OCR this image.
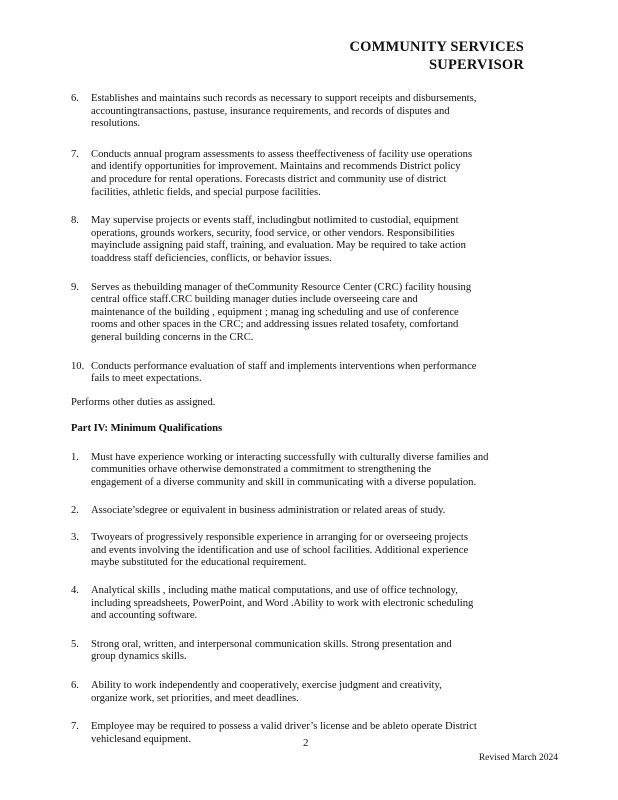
COMMUNITY SERVICES
SUPERVISOR
6. Establishes and maintains such records as necessary to support receipts and disbursements,
accountingtransactions, pastuse, insurance requirements, and records of disputes and
resolutions.
7. Conducts annual program assessments to assess theeffectiveness of facility use operations
and identify opportunities for improvement. Maintains and recommends District policy
and procedure for rental operations. Forecasts district and community use of district
facilities, athletic fields, and special purpose facilities.
8. May supervise projects or events staff, includingbut notlimited to custodial, equipment
operations, grounds workers, security, food service, or other vendors. Responsibilities
mayinclude assigning paid staff, training, and evaluation. May be required to take action
toaddress staff deficiencies, conflicts, or behavior issues.
9. Serves as thebuilding manager of theCommunity Resource Center (CRC) facility housing
central office staff.CRC building manager duties include overseeing care and
maintenance of the building , equipment ; manag ing scheduling and use of conference
rooms and other spaces in the CRC; and addressing issues related tosafety, comfortand
general building concerns in the CRC.
10. Conducts performance evaluation of staff and implements interventions when performance
fails to meet expectations.

Performs other duties as assigned.

Part IV: Minimum Qualifications

1. Must have experience working or interacting successfully with culturally diverse families and
communities orhave otherwise demonstrated a commitment to strengthening the
engagement of a diverse community and skill in communicating with a diverse population.
2. Associate’sdegree or equivalent in business administration or related areas of study.
3. Twoyears of progressively responsible experience in arranging for or overseeing projects
and events involving the identification and use of school facilities. Additional experience
maybe substituted for the educational requirement.
4. Analytical skills , including mathe matical computations, and use of office technology,
including spreadsheets, PowerPoint, and Word .Ability to work with electronic scheduling
and accounting software.
5. Strong oral, written, and interpersonal communication skills. Strong presentation and
group dynamics skills.
6. Ability to work independently and cooperatively, exercise judgment and creativity,
organize work, set priorities, and meet deadlines.
7. Employee may be required to possess a valid driver’s license and be ableto operate District
vehiclesand equipment.	2
Revised March 2024
